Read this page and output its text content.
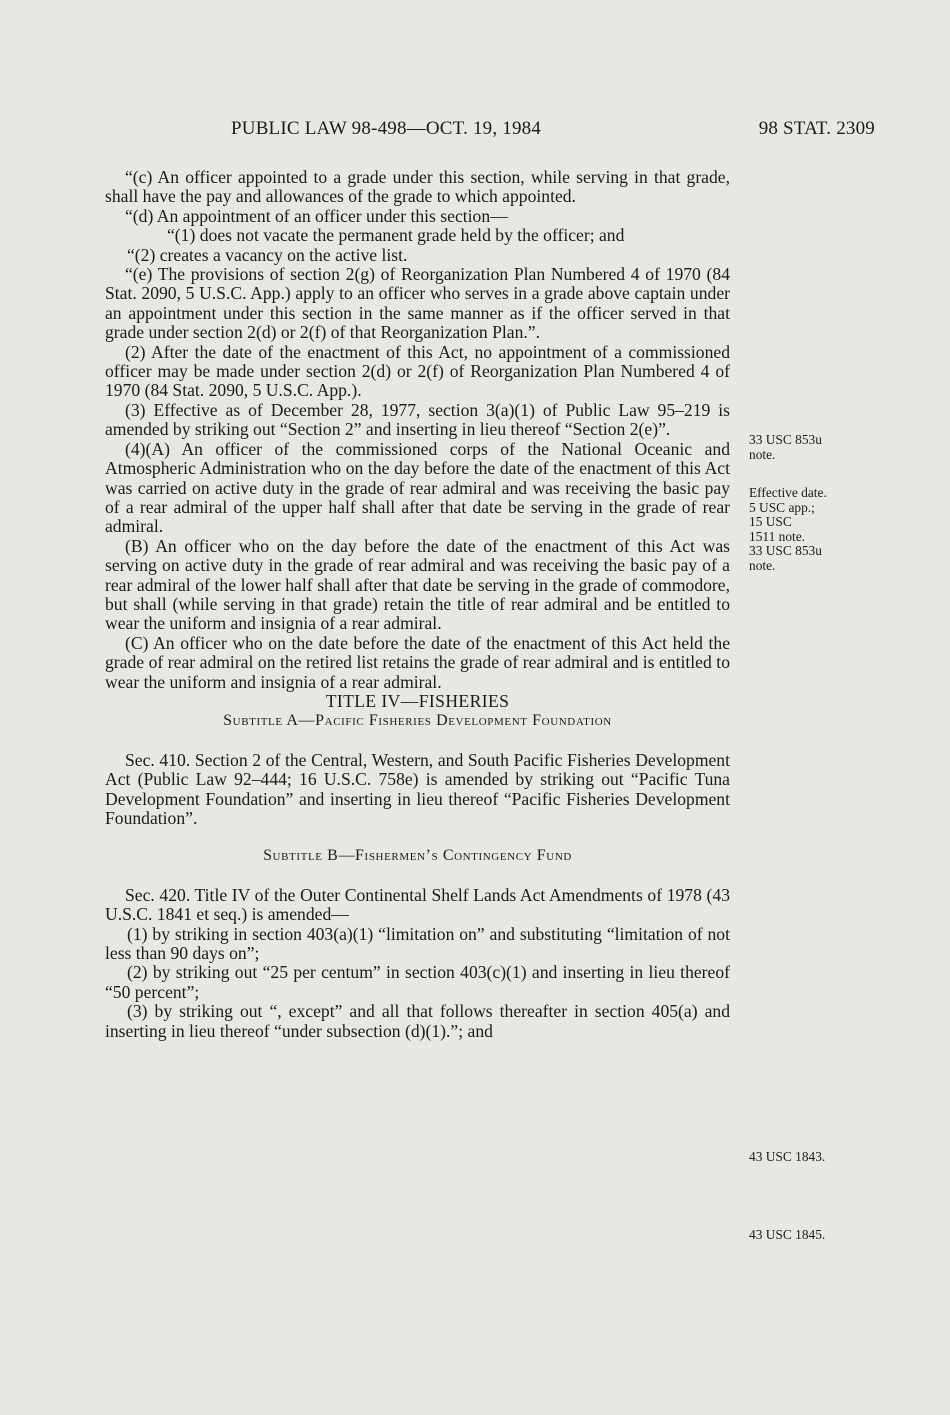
PUBLIC LAW 98-498—OCT. 19, 1984	98 STAT. 2309

“(c) An officer appointed to a grade under this section, while serving in that grade, shall have the pay and allowances of the grade to which appointed.

“(d) An appointment of an officer under this section—

“(1) does not vacate the permanent grade held by the officer; and

“(2) creates a vacancy on the active list.

“(e) The provisions of section 2(g) of Reorganization Plan Numbered 4 of 1970 (84 Stat. 2090, 5 U.S.C. App.) apply to an officer who serves in a grade above captain under an appointment under this section in the same manner as if the officer served in that grade under section 2(d) or 2(f) of that Reorganization Plan.”.

(2) After the date of the enactment of this Act, no appointment of a commissioned officer may be made under section 2(d) or 2(f) of Reorganization Plan Numbered 4 of 1970 (84 Stat. 2090, 5 U.S.C. App.).

(3) Effective as of December 28, 1977, section 3(a)(1) of Public Law 95–219 is amended by striking out “Section 2” and inserting in lieu thereof “Section 2(e)”.

(4)(A) An officer of the commissioned corps of the National Oceanic and Atmospheric Administration who on the day before the date of the enactment of this Act was carried on active duty in the grade of rear admiral and was receiving the basic pay of a rear admiral of the upper half shall after that date be serving in the grade of rear admiral.

(B) An officer who on the day before the date of the enactment of this Act was serving on active duty in the grade of rear admiral and was receiving the basic pay of a rear admiral of the lower half shall after that date be serving in the grade of commodore, but shall (while serving in that grade) retain the title of rear admiral and be entitled to wear the uniform and insignia of a rear admiral.

(C) An officer who on the date before the date of the enactment of this Act held the grade of rear admiral on the retired list retains the grade of rear admiral and is entitled to wear the uniform and insignia of a rear admiral.

TITLE IV—FISHERIES

Subtitle A—Pacific Fisheries Development Foundation

Sec. 410. Section 2 of the Central, Western, and South Pacific Fisheries Development Act (Public Law 92–444; 16 U.S.C. 758e) is amended by striking out “Pacific Tuna Development Foundation” and inserting in lieu thereof “Pacific Fisheries Development Foundation”.

Subtitle B—Fishermen’s Contingency Fund

Sec. 420. Title IV of the Outer Continental Shelf Lands Act Amendments of 1978 (43 U.S.C. 1841 et seq.) is amended—

(1) by striking in section 403(a)(1) “limitation on” and substituting “limitation of not less than 90 days on”;

(2) by striking out “25 per centum” in section 403(c)(1) and inserting in lieu thereof “50 percent”;

(3) by striking out “, except” and all that follows thereafter in section 405(a) and inserting in lieu thereof “under subsection (d)(1).”; and

33 USC 853u note.
Effective date.
5 USC app.;
15 USC
1511 note.
33 USC 853u
note.
43 USC 1843.
43 USC 1845.
